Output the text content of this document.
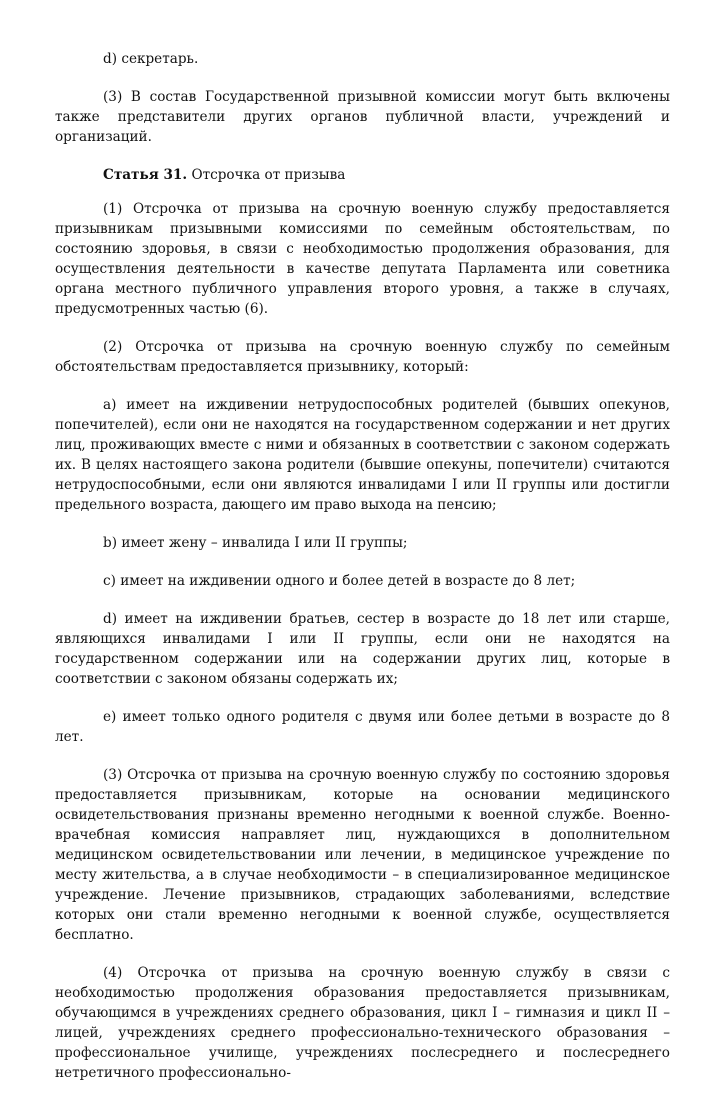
d) секретарь.

(3) В состав Государственной призывной комиссии могут быть включены также представители других органов публичной власти, учреждений и организаций.

Статья 31. Отсрочка от призыва

(1) Отсрочка от призыва на срочную военную службу предоставляется призывникам призывными комиссиями по семейным обстоятельствам, по состоянию здоровья, в связи с необходимостью продолжения образования, для осуществления деятельности в качестве депутата Парламента или советника органа местного публичного управления второго уровня, а также в случаях, предусмотренных частью (6).

(2) Отсрочка от призыва на срочную военную службу по семейным обстоятельствам предоставляется призывнику, который:

a) имеет на иждивении нетрудоспособных родителей (бывших опекунов, попечителей), если они не находятся на государственном содержании и нет других лиц, проживающих вместе с ними и обязанных в соответствии с законом содержать их. В целях настоящего закона родители (бывшие опекуны, попечители) считаются нетрудоспособными, если они являются инвалидами I или II группы или достигли предельного возраста, дающего им право выхода на пенсию;

b) имеет жену – инвалида I или II группы;

c) имеет на иждивении одного и более детей в возрасте до 8 лет;

d) имеет на иждивении братьев, сестер в возрасте до 18 лет или старше, являющихся инвалидами I или II группы, если они не находятся на государственном содержании или на содержании других лиц, которые в соответствии с законом обязаны содержать их;

e) имеет только одного родителя с двумя или более детьми в возрасте до 8 лет.

(3) Отсрочка от призыва на срочную военную службу по состоянию здоровья предоставляется призывникам, которые на основании медицинского освидетельствования признаны временно негодными к военной службе. Военно-врачебная комиссия направляет лиц, нуждающихся в дополнительном медицинском освидетельствовании или лечении, в медицинское учреждение по месту жительства, а в случае необходимости – в специализированное медицинское учреждение. Лечение призывников, страдающих заболеваниями, вследствие которых они стали временно негодными к военной службе, осуществляется бесплатно.

(4) Отсрочка от призыва на срочную военную службу в связи с необходимостью продолжения образования предоставляется призывникам, обучающимся в учреждениях среднего образования, цикл I – гимназия и цикл II – лицей, учреждениях среднего профессионально-технического образования – профессиональное училище, учреждениях послесреднего и послесреднего нетретичного профессионально-
